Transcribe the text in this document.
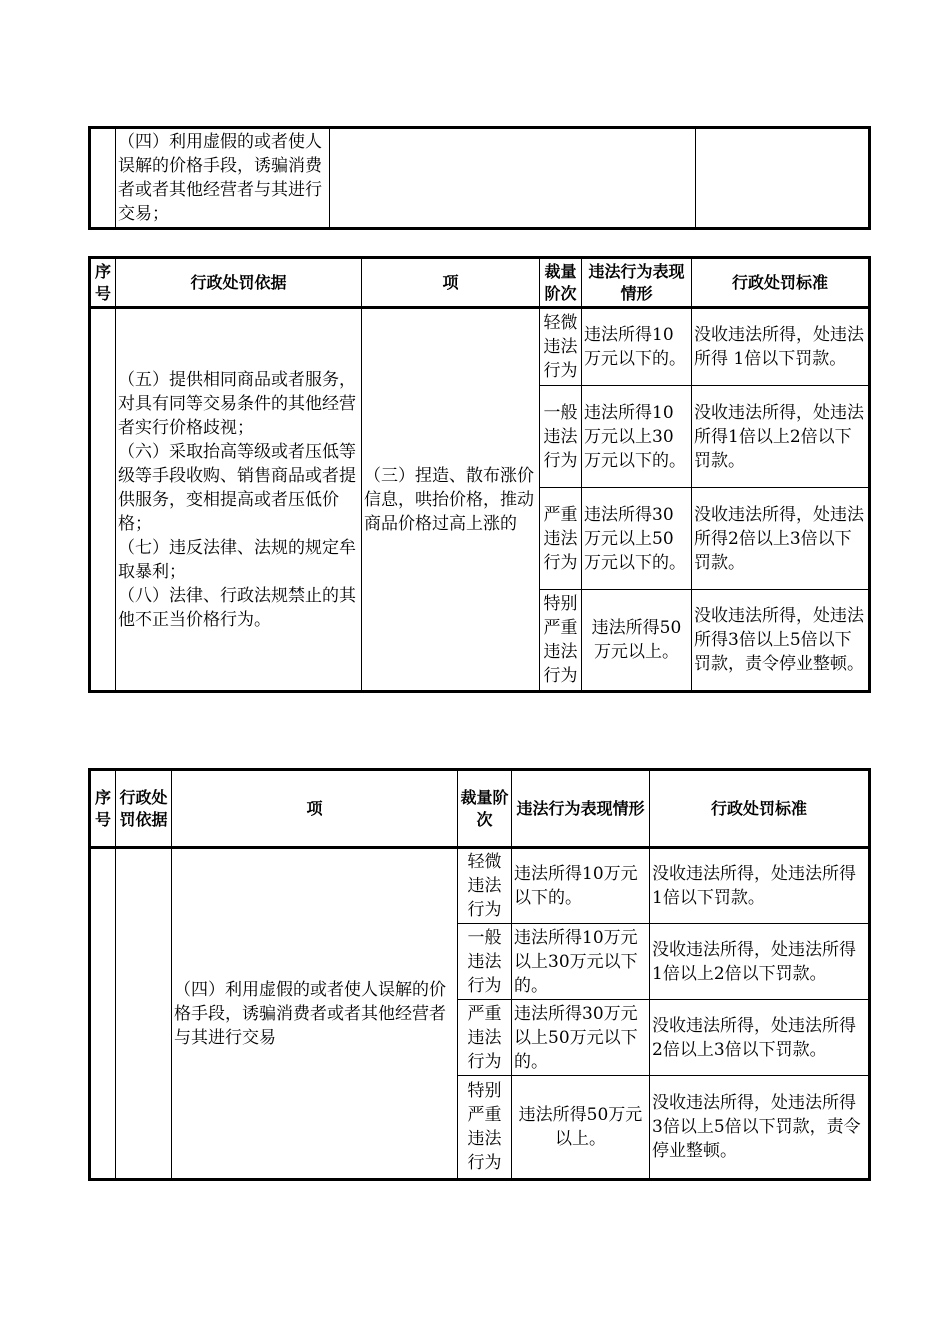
	（四）利用虚假的或者使人误解的价格手段，诱骗消费者或者其他经营者与其进行交易；		
序号	行政处罚依据	项	裁量阶次	违法行为表现情形	行政处罚标准

	（五）提供相同商品或者服务，对具有同等交易条件的其他经营者实行价格歧视；
（六）采取抬高等级或者压低等级等手段收购、销售商品或者提供服务，变相提高或者压低价格；
（七）违反法律、法规的规定牟取暴利；
（八）法律、行政法规禁止的其他不正当价格行为。	（三）捏造、散布涨价信息，哄抬价格，推动商品价格过高上涨的	轻微违法行为	违法所得10万元以下的。	没收违法所得，处违法所得 1倍以下罚款。
			一般违法行为	违法所得10万元以上30万元以下的。	没收违法所得，处违法所得1倍以上2倍以下罚款。
			严重违法行为	违法所得30万元以上50万元以下的。	没收违法所得，处违法所得2倍以上3倍以下罚款。
			特别严重违法行为	违法所得50万元以上。	没收违法所得，处违法所得3倍以上5倍以下罚款，责令停业整顿。
序号	行政处罚依据	项	裁量阶次	违法行为表现情形	行政处罚标准
		（四）利用虚假的或者使人误解的价格手段，诱骗消费者或者其他经营者与其进行交易	轻微违法行为	违法所得10万元以下的。	没收违法所得，处违法所得 1倍以下罚款。
			一般违法行为	违法所得10万元以上30万元以下的。	没收违法所得，处违法所得1倍以上2倍以下罚款。
			严重违法行为	违法所得30万元以上50万元以下的。	没收违法所得，处违法所得2倍以上3倍以下罚款。
			特别严重违法行为	违法所得50万元以上。	没收违法所得，处违法所得3倍以上5倍以下罚款，责令停业整顿。
